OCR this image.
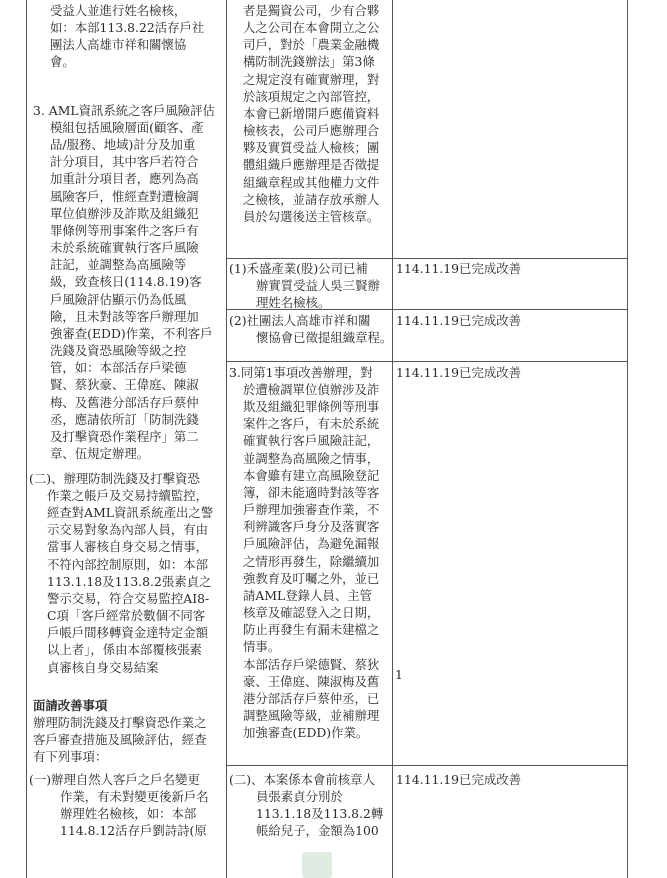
受益人並進行姓名檢核，
如：本部113.8.22活存戶社
團法人高雄市祥和關懷協
會。
3. AML資訊系統之客戶風險評估
模組包括風險層面(顧客、產
品/服務、地域)計分及加重
計分項目，其中客戶若符合
加重計分項目者，應列為高
風險客戶，惟經查對遭檢調
單位偵辦涉及詐欺及組織犯
罪條例等刑事案件之客戶有
未於系統確實執行客戶風險
註記，並調整為高風險等
級，致查核日(114.8.19)客
戶風險評估顯示仍為低風
險，且未對該等客戶辦理加
強審查(EDD)作業，不利客戶
洗錢及資恐風險等級之控
管，如：本部活存戶梁德
賢、蔡狄豪、王偉庭、陳淑
梅、及舊港分部活存戶蔡仲
丞，應請依所訂「防制洗錢
及打擊資恐作業程序」第二
章、伍規定辦理。
(二)、辦理防制洗錢及打擊資恐
作業之帳戶及交易持續監控，
經查對AML資訊系統產出之警
示交易對象為內部人員，有由
當事人審核自身交易之情事，
不符內部控制原則，如：本部
113.1.18及113.8.2張素貞之
警示交易，符合交易監控AI8-
C項「客戶經常於數個不同客
戶帳戶間移轉資金達特定金額
以上者」，係由本部覆核張素
貞審核自身交易結案
面請改善事項
辦理防制洗錢及打擊資恐作業之
客戶審查措施及風險評估，經查
有下列事項：
(一)辦理自然人客戶之戶名變更
作業，有未對變更後新戶名
辦理姓名檢核，如：本部
114.8.12活存戶劉詩詩(原
者是獨資公司，少有合夥
人之公司在本會開立之公
司戶，對於「農業金融機
構防制洗錢辦法」第3條
之規定沒有確實辦理，對
於該項規定之內部管控，
本會已新增開戶應備資料
檢核表，公司戶應辦理合
夥及實質受益人檢核；團
體組織戶應辦理是否徵提
組織章程或其他權力文件
之檢核，並請存放承辦人
員於勾選後送主管核章。
(1)禾盛產業(股)公司已補
辦實質受益人吳三賢辦
理姓名檢核。
(2)社團法人高雄市祥和關
懷協會已徵提組織章程。
3.同第1事項改善辦理，對
於遭檢調單位偵辦涉及詐
欺及組織犯罪條例等刑事
案件之客戶，有未於系統
確實執行客戶風險註記，
並調整為高風險之情事，
本會雖有建立高風險登記
簿，卻未能適時對該等客
戶辦理加強審查作業，不
利辨識客戶身分及落實客
戶風險評估，為避免漏報
之情形再發生，除繼續加
強教育及叮囑之外，並已
請AML登錄人員、主管
核章及確認登入之日期，
防止再發生有漏未建檔之
情事。
本部活存戶梁德賢、蔡狄
豪、王偉庭、陳淑梅及舊
港分部活存戶蔡仲丞，已
調整風險等級，並補辦理
加強審查(EDD)作業。
(二)、本案係本會前核章人
員張素貞分別於
113.1.18及113.8.2轉
帳給兒子，金額為100
114.11.19已完成改善
114.11.19已完成改善
114.11.19已完成改善
1
114.11.19已完成改善
